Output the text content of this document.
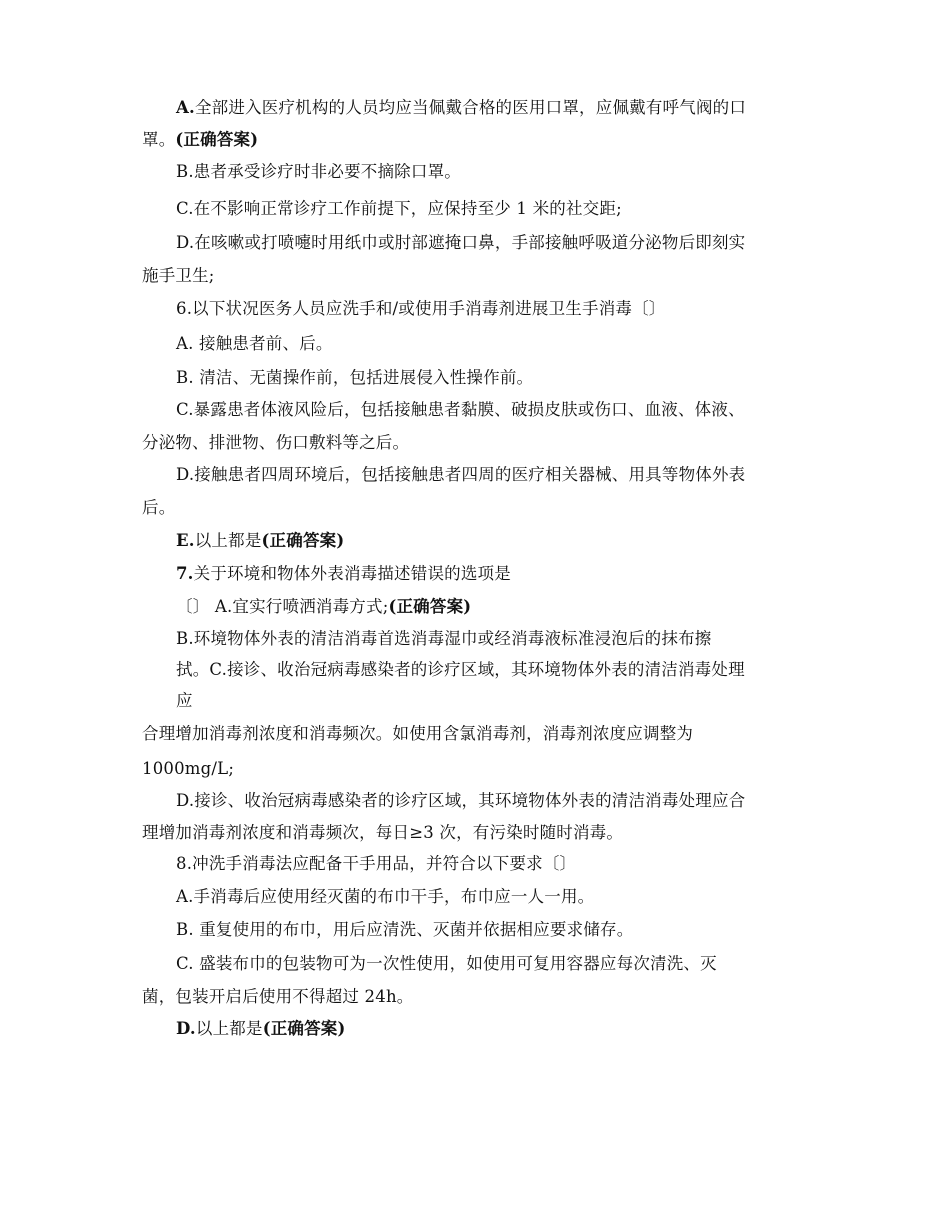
A.全部进入医疗机构的人员均应当佩戴合格的医用口罩，应佩戴有呼气阀的口
罩。(正确答案)
B.患者承受诊疗时非必要不摘除口罩。
C.在不影响正常诊疗工作前提下，应保持至少 1 米的社交距;
D.在咳嗽或打喷嚏时用纸巾或肘部遮掩口鼻，手部接触呼吸道分泌物后即刻实
施手卫生;
6.以下状况医务人员应洗手和/或使用手消毒剂进展卫生手消毒〔〕
A. 接触患者前、后。
B. 清洁、无菌操作前，包括进展侵入性操作前。
C.暴露患者体液风险后，包括接触患者黏膜、破损皮肤或伤口、血液、体液、
分泌物、排泄物、伤口敷料等之后。
D.接触患者四周环境后，包括接触患者四周的医疗相关器械、用具等物体外表
后。
E.以上都是(正确答案)
7.关于环境和物体外表消毒描述错误的选项是
〔〕 A.宜实行喷洒消毒方式;(正确答案)
B.环境物体外表的清洁消毒首选消毒湿巾或经消毒液标准浸泡后的抹布擦
拭。C.接诊、收治冠病毒感染者的诊疗区域，其环境物体外表的清洁消毒处理
应
合理增加消毒剂浓度和消毒频次。如使用含氯消毒剂，消毒剂浓度应调整为
1000mg/L;
D.接诊、收治冠病毒感染者的诊疗区域，其环境物体外表的清洁消毒处理应合
理增加消毒剂浓度和消毒频次，每日≥3 次，有污染时随时消毒。
8.冲洗手消毒法应配备干手用品，并符合以下要求〔〕
A.手消毒后应使用经灭菌的布巾干手，布巾应一人一用。
B. 重复使用的布巾，用后应清洗、灭菌并依据相应要求储存。
C. 盛装布巾的包装物可为一次性使用，如使用可复用容器应每次清洗、灭
菌，包装开启后使用不得超过 24h。
D.以上都是(正确答案)
